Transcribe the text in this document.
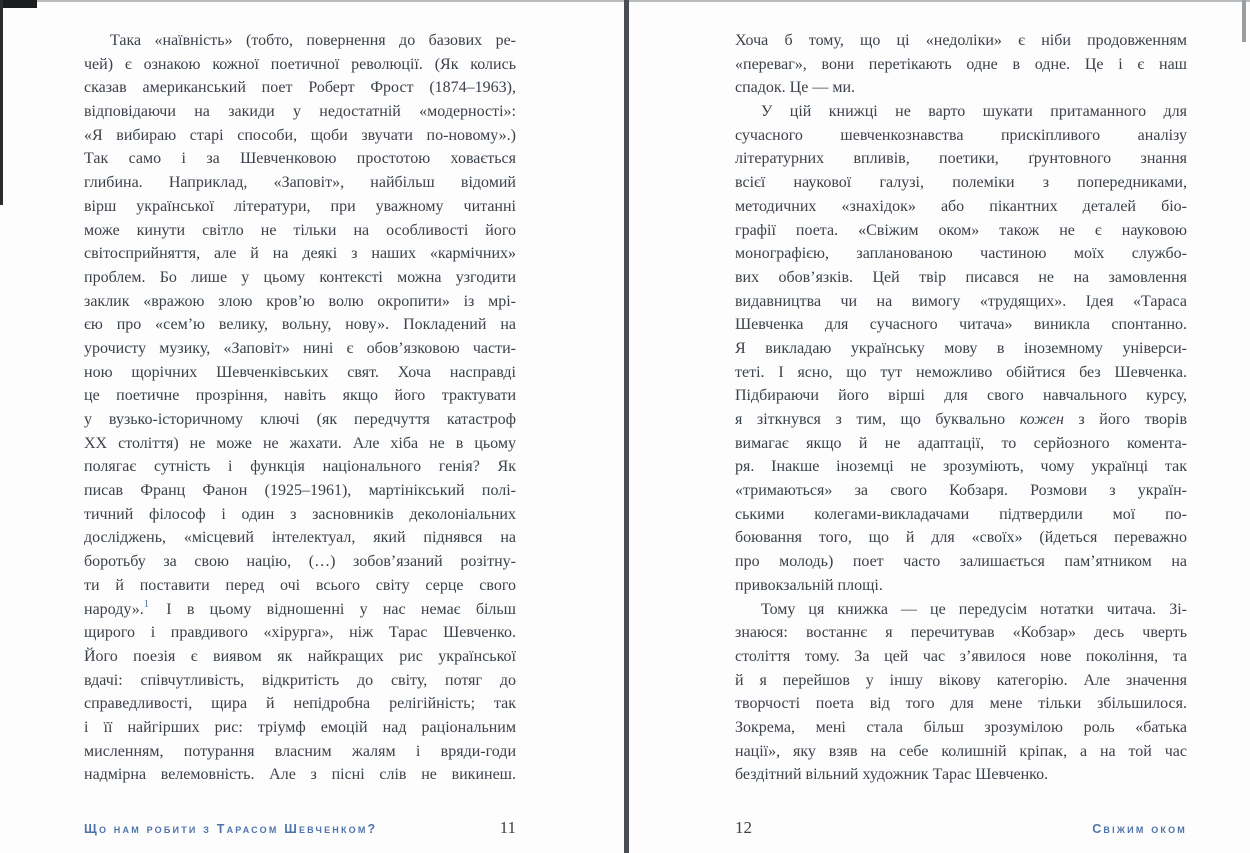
Така «наївність» (тобто, повернення до базових ре-
чей) є ознакою кожної поетичної революції. (Як колись
сказав американський поет Роберт Фрост (1874–1963),
відповідаючи на закиди у недостатній «модерності»:
«Я вибираю старі способи, щоби звучати по-новому».)
Так само і за Шевченковою простотою ховається
глибина. Наприклад, «Заповіт», найбільш відомий
вірш української літератури, при уважному читанні
може кинути світло не тільки на особливості його
світосприйняття, але й на деякі з наших «кармічних»
проблем. Бо лише у цьому контексті можна узгодити
заклик «вражою злою кров’ю волю окропити» із мрі-
єю про «сем’ю велику, вольну, нову». Покладений на
урочисту музику, «Заповіт» нині є обов’язковою части-
ною щорічних Шевченківських свят. Хоча насправді
це поетичне прозріння, навіть якщо його трактувати
у вузько-історичному ключі (як передчуття катастроф
ХХ століття) не може не жахати. Але хіба не в цьому
полягає сутність і функція національного генія? Як
писав Франц Фанон (1925–1961), мартінікський полі-
тичний філософ і один з засновників деколоніальних
досліджень, «місцевий інтелектуал, який піднявся на
боротьбу за свою націю, (…) зобов’язаний розітну-
ти й поставити перед очі всього світу серце свого
народу».$^1$ І в цьому відношенні у нас немає більш
щирого і правдивого «хірурга», ніж Тарас Шевченко.
Його поезія є виявом як найкращих рис української
вдачі: співчутливість, відкритість до світу, потяг до
справедливості, щира й непідробна релігійність; так
і її найгірших рис: тріумф емоцій над раціональним
мисленням, потурання власним жалям і вряди-годи
надмірна велемовність. Але з пісні слів не викинеш.
Що нам робити з Тарасом Шевченком?	11
Хоча б тому, що ці «недоліки» є ніби продовженням
«переваг», вони перетікають одне в одне. Це і є наш
спадок. Це — ми.
У цій книжці не варто шукати притаманного для
сучасного шевченкознавства прискіпливого аналізу
літературних впливів, поетики, ґрунтовного знання
всієї наукової галузі, полеміки з попередниками,
методичних «знахідок» або пікантних деталей біо-
графії поета. «Свіжим оком» також не є науковою
монографією, запланованою частиною моїх службо-
вих обов’язків. Цей твір писався не на замовлення
видавництва чи на вимогу «трудящих». Ідея «Тараса
Шевченка для сучасного читача» виникла спонтанно.
Я викладаю українську мову в іноземному універси-
теті. І ясно, що тут неможливо обійтися без Шевченка.
Підбираючи його вірші для свого навчального курсу,
я зіткнувся з тим, що буквально кожен з його творів
вимагає якщо й не адаптації, то серйозного комента-
ря. Інакше іноземці не зрозуміють, чому українці так
«тримаються» за свого Кобзаря. Розмови з україн-
ськими колегами-викладачами підтвердили мої по-
боювання того, що й для «своїх» (йдеться переважно
про молодь) поет часто залишається пам’ятником на
привокзальній площі.
Тому ця книжка — це передусім нотатки читача. Зі-
знаюся: востаннє я перечитував «Кобзар» десь чверть
століття тому. За цей час з’явилося нове покоління, та
й я перейшов у іншу вікову категорію. Але значення
творчості поета від того для мене тільки збільшилося.
Зокрема, мені стала більш зрозумілою роль «батька
нації», яку взяв на себе колишній кріпак, а на той час
бездітний вільний художник Тарас Шевченко.
12	Свіжим оком
